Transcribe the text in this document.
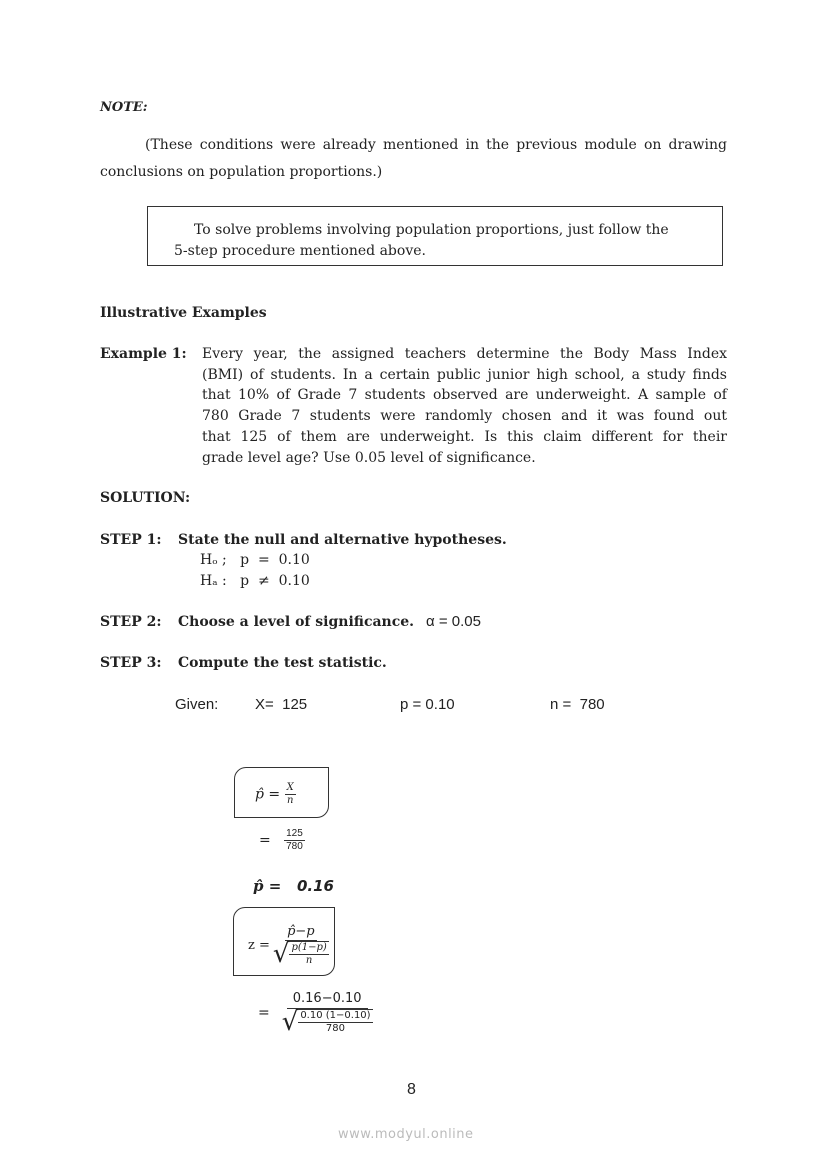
NOTE:
(These conditions were already mentioned in the previous module on drawing
conclusions on population proportions.)
To solve problems involving population proportions, just follow the
5-step procedure mentioned above.
Illustrative Examples
Example 1: Every year, the assigned teachers determine the Body Mass Index
(BMI) of students. In a certain public junior high school, a study finds
that 10% of Grade 7 students observed are underweight. A sample of
780 Grade 7 students were randomly chosen and it was found out
that 125 of them are underweight. Is this claim different for their
grade level age? Use 0.05 level of significance.
SOLUTION:
STEP 1: State the null and alternative hypotheses.
Hₒ ;   p  =  0.10
Hₐ :   p  ≠  0.10
STEP 2: Choose a level of significance. α = 0.05
STEP 3: Compute the test statistic.
Given: X=  125	p = 0.10	n =  780
p̂ = $\frac{X}{n}$
= $\frac{125}{780}$
p̂ = 0.16
$z = \frac{p̂-p}{√ \frac{p(1-p)}{n}}$
= $\frac{0.16-0.10}{√ \frac{0.10 (1-0.10)}{780}}$
8
www.modyul.online
